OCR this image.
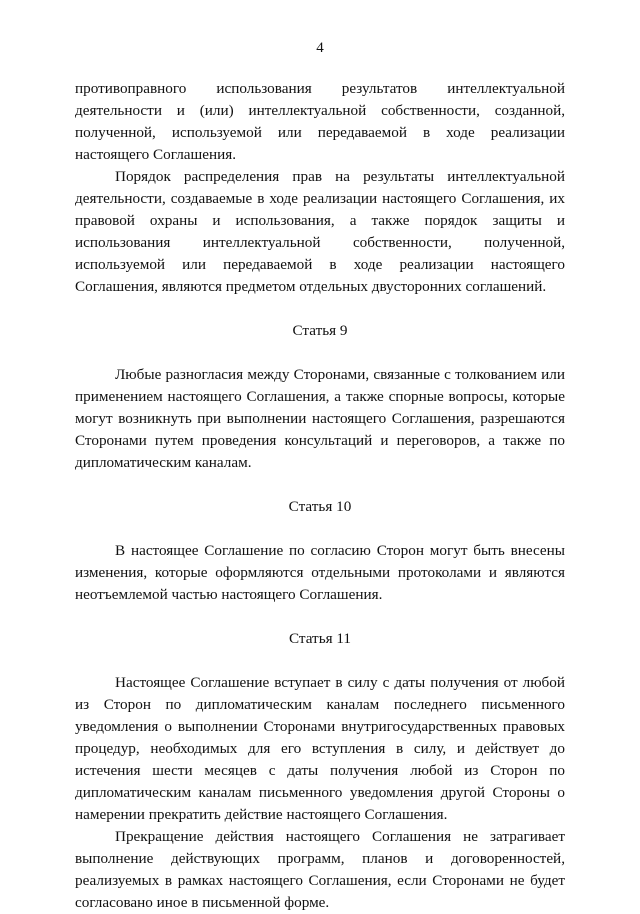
4

противоправного использования результатов интеллектуальной деятельности и (или) интеллектуальной собственности, созданной, полученной, используемой или передаваемой в ходе реализации настоящего Соглашения.

Порядок распределения прав на результаты интеллектуальной деятельности, создаваемые в ходе реализации настоящего Соглашения, их правовой охраны и использования, а также порядок защиты и использования интеллектуальной собственности, полученной, используемой или передаваемой в ходе реализации настоящего Соглашения, являются предметом отдельных двусторонних соглашений.

Статья 9

Любые разногласия между Сторонами, связанные с толкованием или применением настоящего Соглашения, а также спорные вопросы, которые могут возникнуть при выполнении настоящего Соглашения, разрешаются Сторонами путем проведения консультаций и переговоров, а также по дипломатическим каналам.

Статья 10

В настоящее Соглашение по согласию Сторон могут быть внесены изменения, которые оформляются отдельными протоколами и являются неотъемлемой частью настоящего Соглашения.

Статья 11

Настоящее Соглашение вступает в силу с даты получения от любой из Сторон по дипломатическим каналам последнего письменного уведомления о выполнении Сторонами внутригосударственных правовых процедур, необходимых для его вступления в силу, и действует до истечения шести месяцев с даты получения любой из Сторон по дипломатическим каналам письменного уведомления другой Стороны о намерении прекратить действие настоящего Соглашения.

Прекращение действия настоящего Соглашения не затрагивает выполнение действующих программ, планов и договоренностей, реализуемых в рамках настоящего Соглашения, если Сторонами не будет согласовано иное в письменной форме.
